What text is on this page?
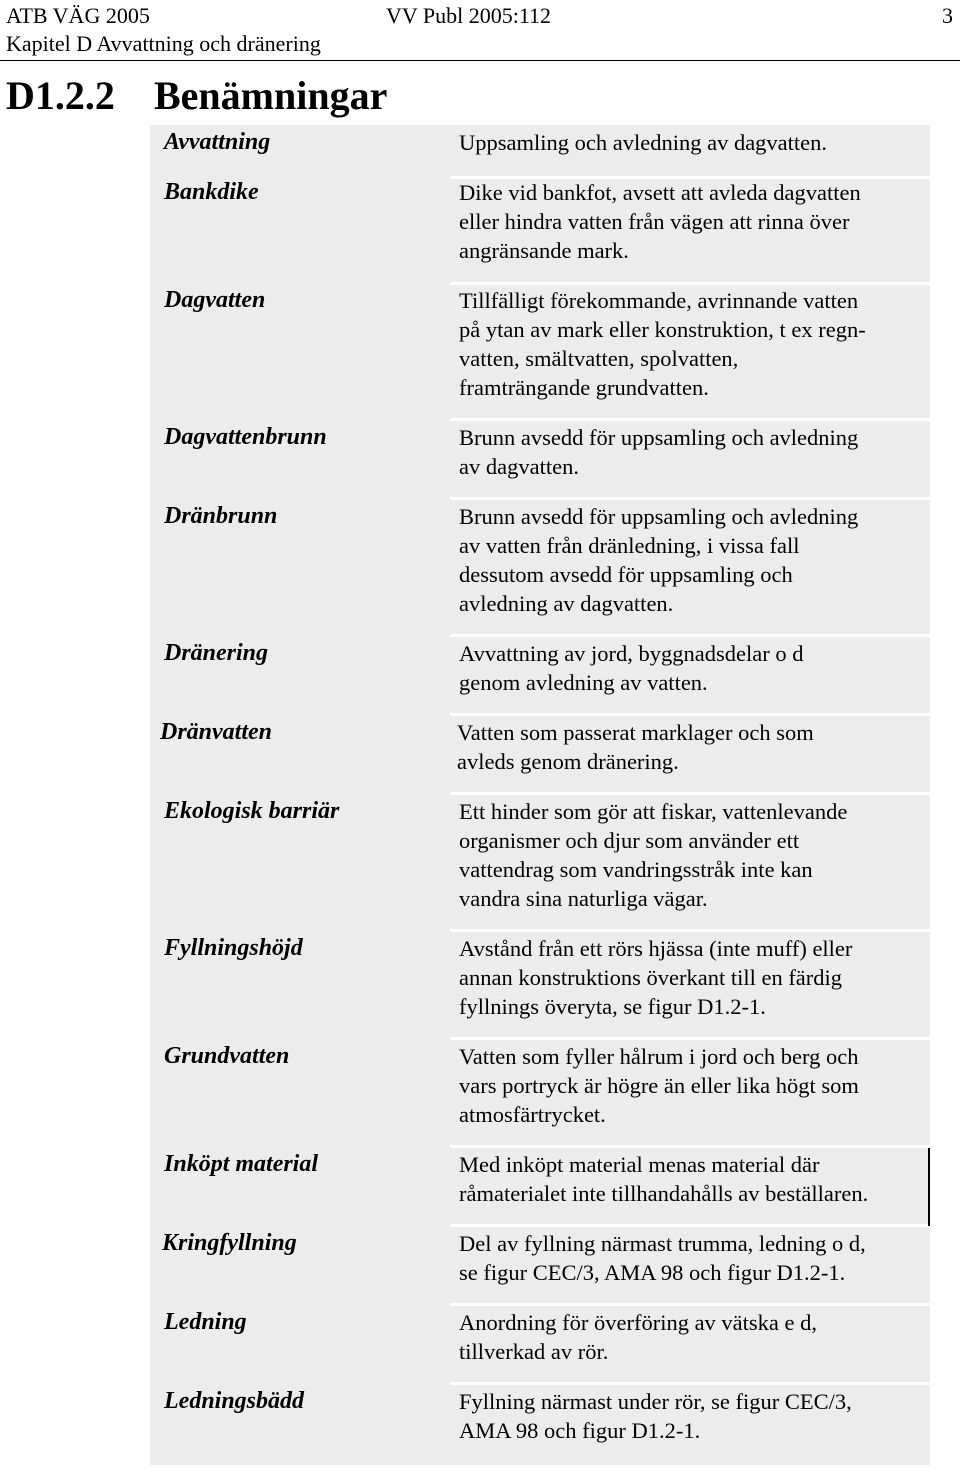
ATB VÄG 2005
Kapitel D Avvattning och dränering
VV Publ 2005:112	3
D1.2.2 Benämningar
Avvattning	Uppsamling och avledning av dagvatten.
Bankdike	Dike vid bankfot, avsett att avleda dagvatten
eller hindra vatten från vägen att rinna över
angränsande mark.
Dagvatten	Tillfälligt förekommande, avrinnande vatten
på ytan av mark eller konstruktion, t ex regn-
vatten, smältvatten, spolvatten,
framträngande grundvatten.
Dagvattenbrunn	Brunn avsedd för uppsamling och avledning
av dagvatten.
Dränbrunn	Brunn avsedd för uppsamling och avledning
av vatten från dränledning, i vissa fall
dessutom avsedd för uppsamling och
avledning av dagvatten.
Dränering	Avvattning av jord, byggnadsdelar o d
genom avledning av vatten.
Dränvatten	Vatten som passerat marklager och som
avleds genom dränering.
Ekologisk barriär	Ett hinder som gör att fiskar, vattenlevande
organismer och djur som använder ett
vattendrag som vandringsstråk inte kan
vandra sina naturliga vägar.
Fyllningshöjd	Avstånd från ett rörs hjässa (inte muff) eller
annan konstruktions överkant till en färdig
fyllnings överyta, se figur D1.2-1.
Grundvatten	Vatten som fyller hålrum i jord och berg och
vars portryck är högre än eller lika högt som
atmosfärtrycket.
Inköpt material	Med inköpt material menas material där
råmaterialet inte tillhandahålls av beställaren.
Kringfyllning	Del av fyllning närmast trumma, ledning o d,
se figur CEC/3, AMA 98 och figur D1.2-1.
Ledning	Anordning för överföring av vätska e d,
tillverkad av rör.
Ledningsbädd	Fyllning närmast under rör, se figur CEC/3,
AMA 98 och figur D1.2-1.
